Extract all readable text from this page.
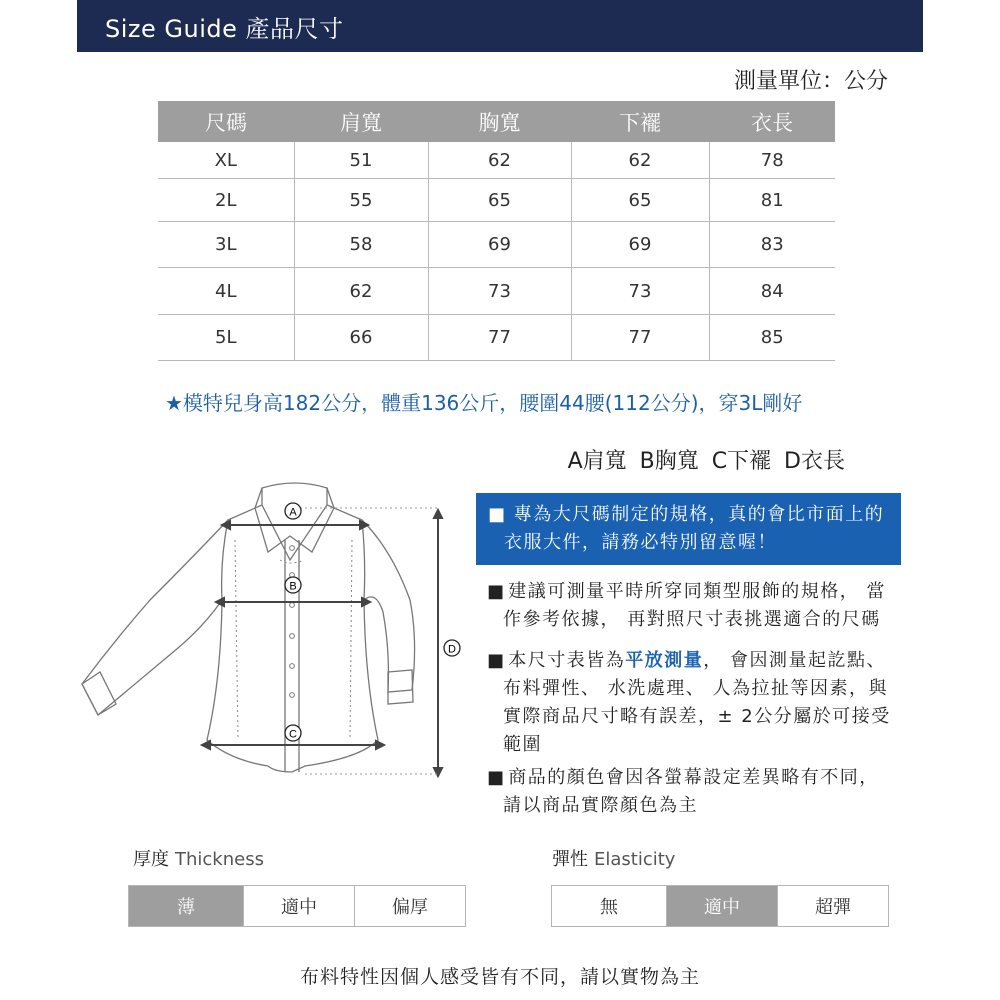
Size Guide 產品尺寸
測量單位：公分
尺碼	肩寬	胸寬	下襬	衣長
XL	51	62	62	78
2L	55	65	65	81
3L	58	69	69	83
4L	62	73	73	84
5L	66	77	77	85
★模特兒身高182公分，體重136公斤，腰圍44腰(112公分)，穿3L剛好
A肩寬 B胸寬 C下襬 D衣長
A
B
C
D
■ 專為大尺碼制定的規格，真的會比市面上的
衣服大件，請務必特別留意喔！
■ 建議可測量平時所穿同類型服飾的規格， 當
作參考依據， 再對照尺寸表挑選適合的尺碼
■ 本尺寸表皆為平放測量， 會因測量起訖點、
布料彈性、 水洗處理、 人為拉扯等因素，與
實際商品尺寸略有誤差，± 2公分屬於可接受
範圍
■ 商品的顏色會因各螢幕設定差異略有不同，
請以商品實際顏色為主
厚度 Thickness
薄	適中	偏厚
彈性 Elasticity
無	適中	超彈
布料特性因個人感受皆有不同，請以實物為主
